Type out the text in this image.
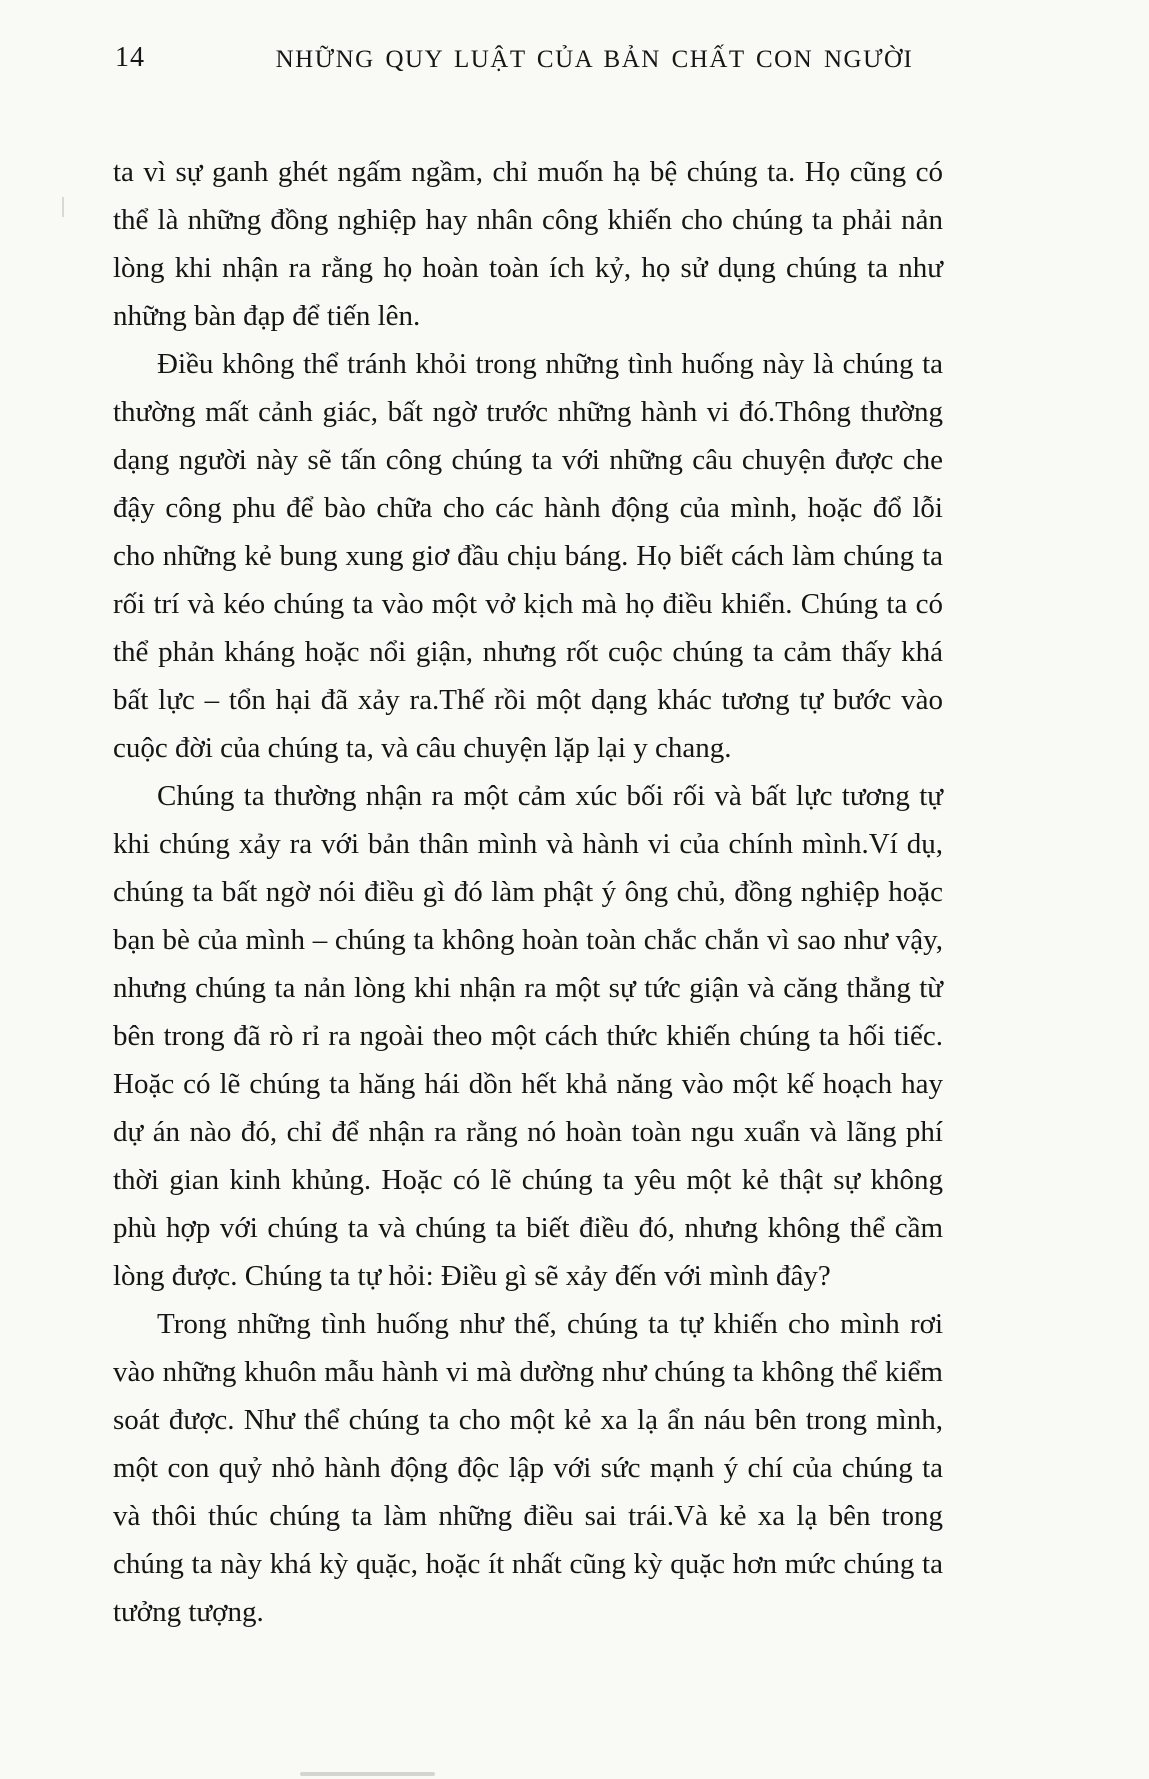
14	NHỮNG QUY LUẬT CỦA BẢN CHẤT CON NGƯỜI

ta vì sự ganh ghét ngấm ngầm, chỉ muốn hạ bệ chúng ta. Họ cũng có thể là những đồng nghiệp hay nhân công khiến cho chúng ta phải nản lòng khi nhận ra rằng họ hoàn toàn ích kỷ, họ sử dụng chúng ta như những bàn đạp để tiến lên.

Điều không thể tránh khỏi trong những tình huống này là chúng ta thường mất cảnh giác, bất ngờ trước những hành vi đó.Thông thường dạng người này sẽ tấn công chúng ta với những câu chuyện được che đậy công phu để bào chữa cho các hành động của mình, hoặc đổ lỗi cho những kẻ bung xung giơ đầu chịu báng. Họ biết cách làm chúng ta rối trí và kéo chúng ta vào một vở kịch mà họ điều khiển. Chúng ta có thể phản kháng hoặc nổi giận, nhưng rốt cuộc chúng ta cảm thấy khá bất lực – tổn hại đã xảy ra.Thế rồi một dạng khác tương tự bước vào cuộc đời của chúng ta, và câu chuyện lặp lại y chang.

Chúng ta thường nhận ra một cảm xúc bối rối và bất lực tương tự khi chúng xảy ra với bản thân mình và hành vi của chính mình.Ví dụ, chúng ta bất ngờ nói điều gì đó làm phật ý ông chủ, đồng nghiệp hoặc bạn bè của mình – chúng ta không hoàn toàn chắc chắn vì sao như vậy, nhưng chúng ta nản lòng khi nhận ra một sự tức giận và căng thẳng từ bên trong đã rò rỉ ra ngoài theo một cách thức khiến chúng ta hối tiếc. Hoặc có lẽ chúng ta hăng hái dồn hết khả năng vào một kế hoạch hay dự án nào đó, chỉ để nhận ra rằng nó hoàn toàn ngu xuẩn và lãng phí thời gian kinh khủng. Hoặc có lẽ chúng ta yêu một kẻ thật sự không phù hợp với chúng ta và chúng ta biết điều đó, nhưng không thể cầm lòng được. Chúng ta tự hỏi: Điều gì sẽ xảy đến với mình đây?

Trong những tình huống như thế, chúng ta tự khiến cho mình rơi vào những khuôn mẫu hành vi mà dường như chúng ta không thể kiểm soát được. Như thể chúng ta cho một kẻ xa lạ ẩn náu bên trong mình, một con quỷ nhỏ hành động độc lập với sức mạnh ý chí của chúng ta và thôi thúc chúng ta làm những điều sai trái.Và kẻ xa lạ bên trong chúng ta này khá kỳ quặc, hoặc ít nhất cũng kỳ quặc hơn mức chúng ta tưởng tượng.
